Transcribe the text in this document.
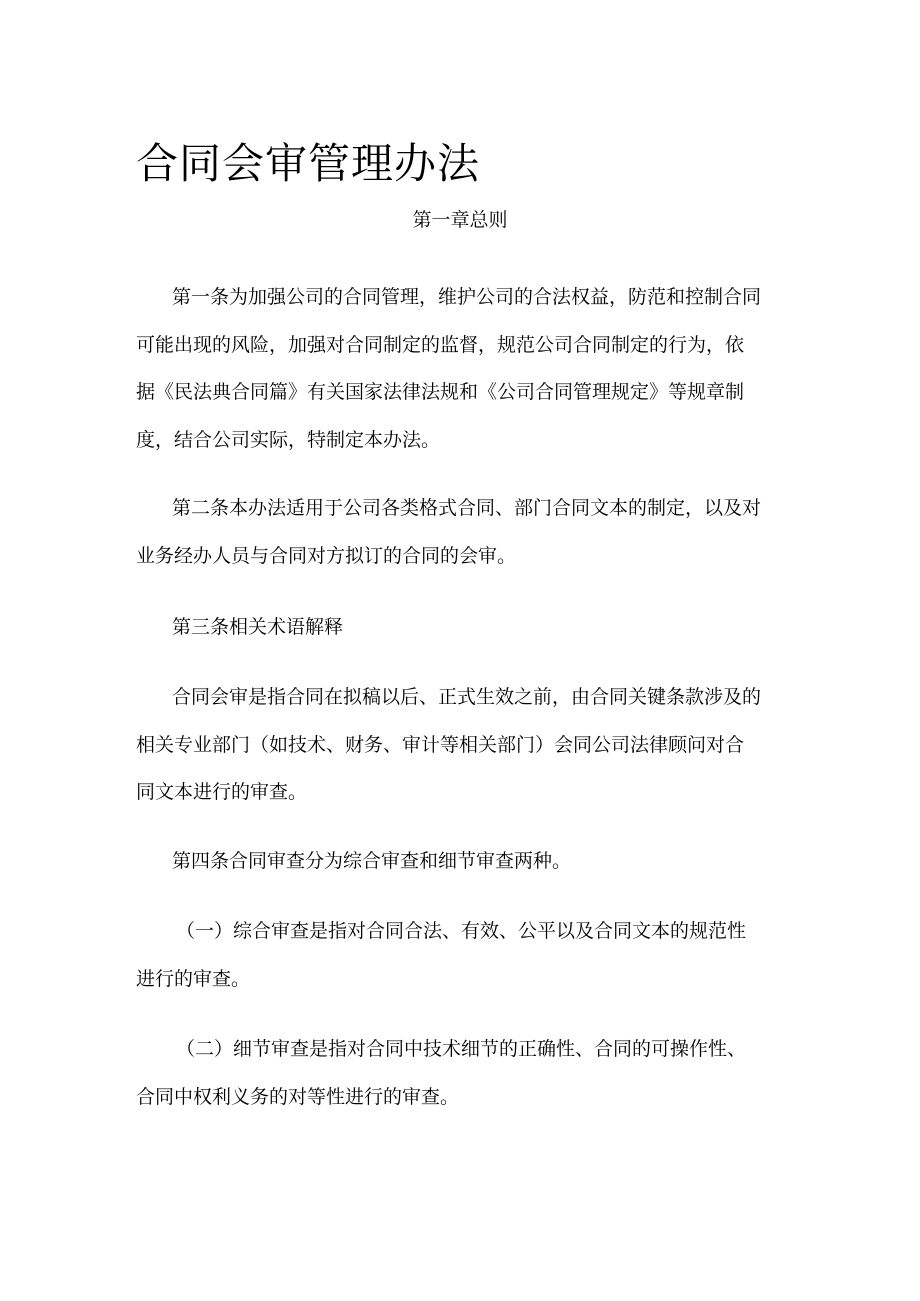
合同会审管理办法
第一章总则

第一条为加强公司的合同管理，维护公司的合法权益，防范和控制合同
可能出现的风险，加强对合同制定的监督，规范公司合同制定的行为，依
据《民法典合同篇》有关国家法律法规和《公司合同管理规定》等规章制
度，结合公司实际，特制定本办法。

第二条本办法适用于公司各类格式合同、部门合同文本的制定，以及对
业务经办人员与合同对方拟订的合同的会审。

第三条相关术语解释

合同会审是指合同在拟稿以后、正式生效之前，由合同关键条款涉及的
相关专业部门（如技术、财务、审计等相关部门）会同公司法律顾问对合
同文本进行的审查。

第四条合同审查分为综合审查和细节审查两种。

（一）综合审查是指对合同合法、有效、公平以及合同文本的规范性
进行的审查。

（二）细节审查是指对合同中技术细节的正确性、合同的可操作性、
合同中权利义务的对等性进行的审查。
